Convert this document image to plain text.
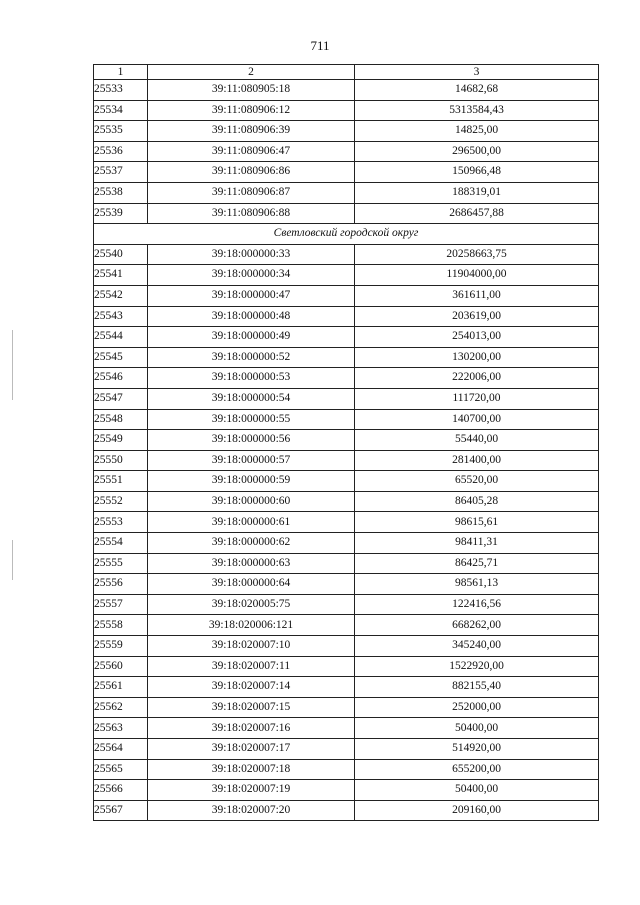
711
1	2	3
25533	39:11:080905:18	14682,68
25534	39:11:080906:12	5313584,43
25535	39:11:080906:39	14825,00
25536	39:11:080906:47	296500,00
25537	39:11:080906:86	150966,48
25538	39:11:080906:87	188319,01
25539	39:11:080906:88	2686457,88
Светловский городской округ		
25540	39:18:000000:33	20258663,75
25541	39:18:000000:34	11904000,00
25542	39:18:000000:47	361611,00
25543	39:18:000000:48	203619,00
25544	39:18:000000:49	254013,00
25545	39:18:000000:52	130200,00
25546	39:18:000000:53	222006,00
25547	39:18:000000:54	111720,00
25548	39:18:000000:55	140700,00
25549	39:18:000000:56	55440,00
25550	39:18:000000:57	281400,00
25551	39:18:000000:59	65520,00
25552	39:18:000000:60	86405,28
25553	39:18:000000:61	98615,61
25554	39:18:000000:62	98411,31
25555	39:18:000000:63	86425,71
25556	39:18:000000:64	98561,13
25557	39:18:020005:75	122416,56
25558	39:18:020006:121	668262,00
25559	39:18:020007:10	345240,00
25560	39:18:020007:11	1522920,00
25561	39:18:020007:14	882155,40
25562	39:18:020007:15	252000,00
25563	39:18:020007:16	50400,00
25564	39:18:020007:17	514920,00
25565	39:18:020007:18	655200,00
25566	39:18:020007:19	50400,00
25567	39:18:020007:20	209160,00
